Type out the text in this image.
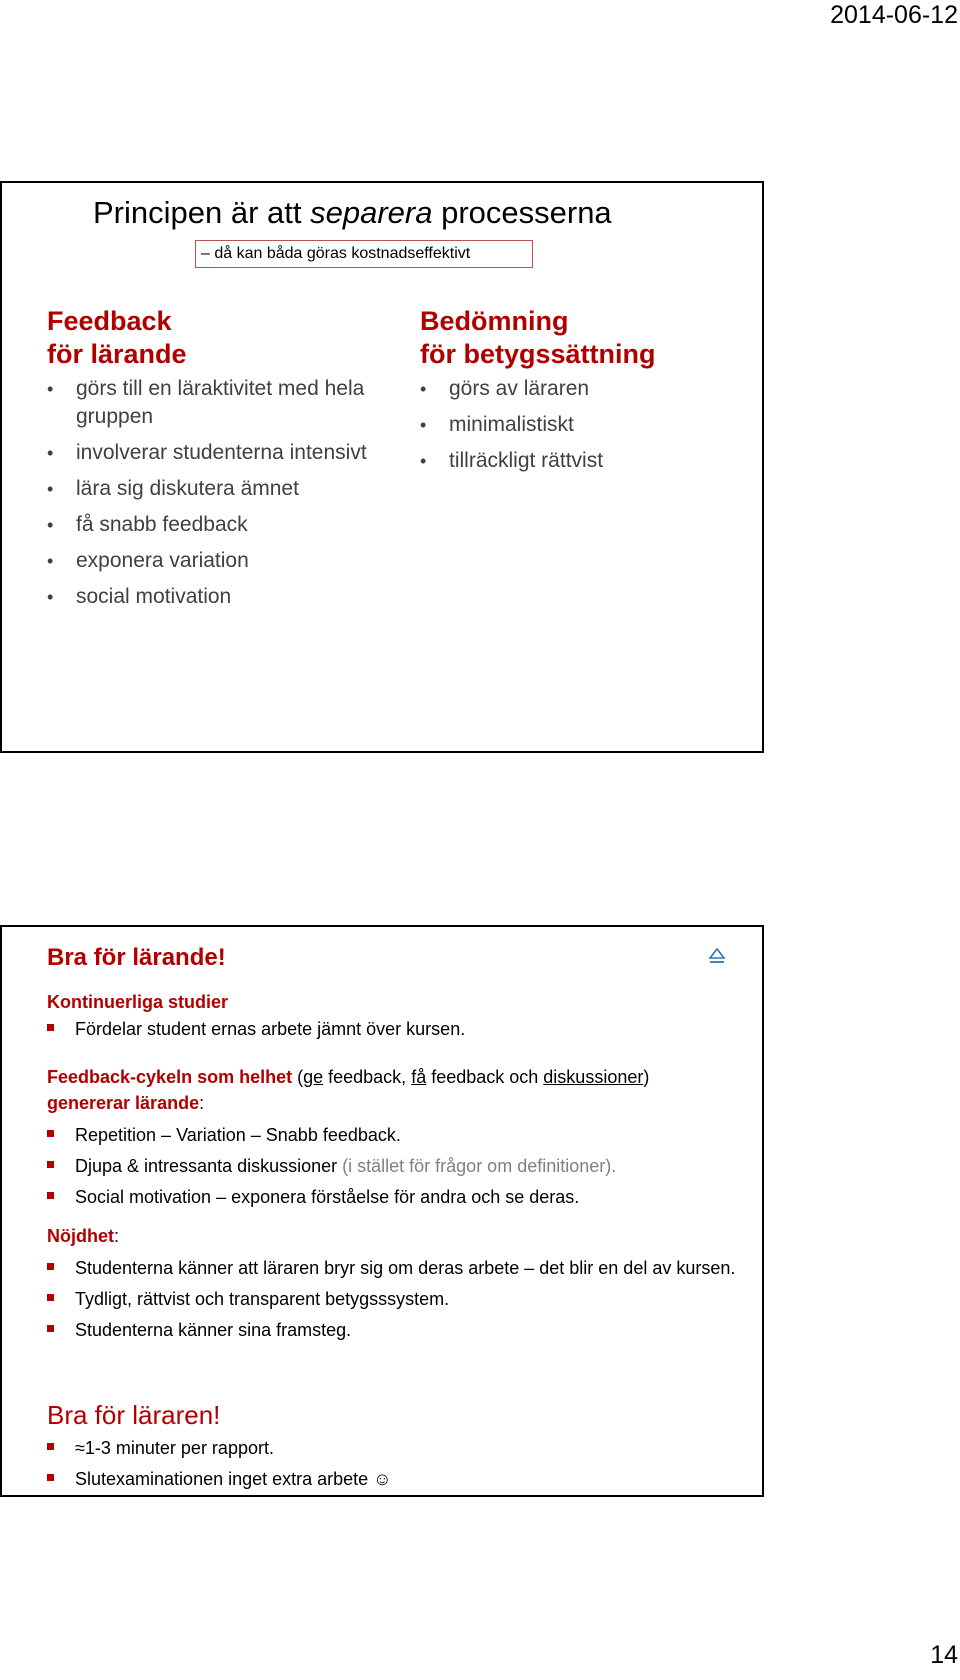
2014-06-12
Principen är att separera processerna
– då kan båda göras kostnadseffektivt
Feedback
för lärande
• görs till en läraktivitet med hela gruppen
• involverar studenterna intensivt
• lära sig diskutera ämnet
• få snabb feedback
• exponera variation
• social motivation
Bedömning
för betygssättning
• görs av läraren
• minimalistiskt
• tillräckligt rättvist
Bra för lärande!
Kontinuerliga studier
Fördelar student ernas arbete jämnt över kursen.
Feedback-cykeln som helhet (ge feedback, få feedback och diskussioner)
genererar lärande:
Repetition – Variation – Snabb feedback.
Djupa & intressanta diskussioner (i stället för frågor om definitioner).
Social motivation – exponera förståelse för andra och se deras.
Nöjdhet:
Studenterna känner att läraren bryr sig om deras arbete – det blir en del av kursen.
Tydligt, rättvist och transparent betygsssystem.
Studenterna känner sina framsteg.
Bra för läraren!
≈1-3 minuter per rapport.
Slutexaminationen inget extra arbete ☺
14
